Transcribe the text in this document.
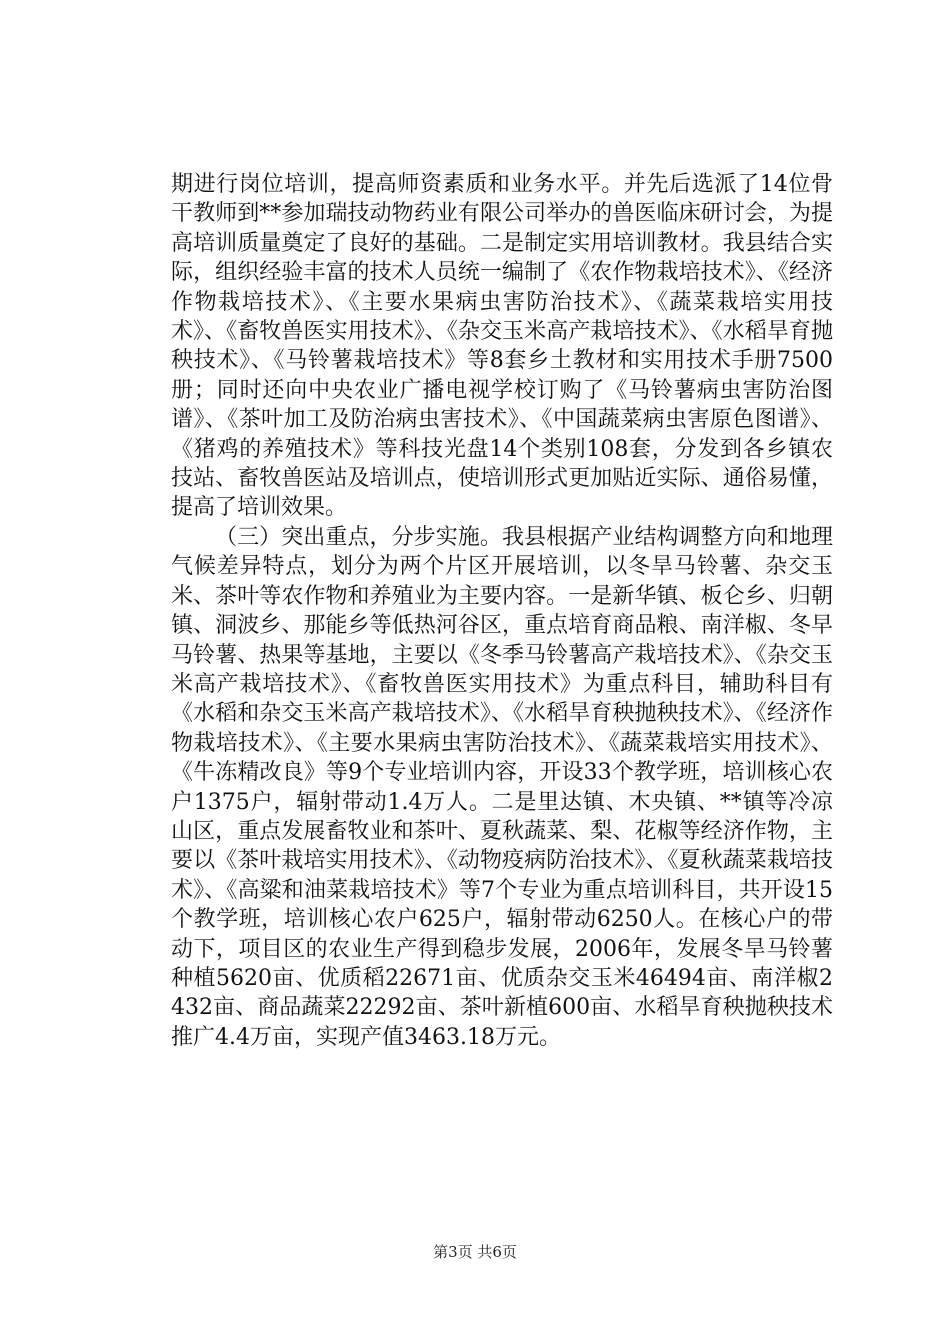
期进行岗位培训，提高师资素质和业务水平。并先后选派了14位骨干教师到**参加瑞技动物药业有限公司举办的兽医临床研讨会，为提高培训质量奠定了良好的基础。二是制定实用培训教材。我县结合实际，组织经验丰富的技术人员统一编制了《农作物栽培技术》、《经济作物栽培技术》、《主要水果病虫害防治技术》、《蔬菜栽培实用技术》、《畜牧兽医实用技术》、《杂交玉米高产栽培技术》、《水稻旱育抛秧技术》、《马铃薯栽培技术》等8套乡土教材和实用技术手册7500册；同时还向中央农业广播电视学校订购了《马铃薯病虫害防治图谱》、《茶叶加工及防治病虫害技术》、《中国蔬菜病虫害原色图谱》、《猪鸡的养殖技术》等科技光盘14个类别108套，分发到各乡镇农技站、畜牧兽医站及培训点，使培训形式更加贴近实际、通俗易懂，提高了培训效果。

（三）突出重点，分步实施。我县根据产业结构调整方向和地理气候差异特点，划分为两个片区开展培训，以冬旱马铃薯、杂交玉米、茶叶等农作物和养殖业为主要内容。一是新华镇、板仑乡、归朝镇、洞波乡、那能乡等低热河谷区，重点培育商品粮、南洋椒、冬早马铃薯、热果等基地，主要以《冬季马铃薯高产栽培技术》、《杂交玉米高产栽培技术》、《畜牧兽医实用技术》为重点科目，辅助科目有《水稻和杂交玉米高产栽培技术》、《水稻旱育秧抛秧技术》、《经济作物栽培技术》、《主要水果病虫害防治技术》、《蔬菜栽培实用技术》、《牛冻精改良》等9个专业培训内容，开设33个教学班，培训核心农户1375户，辐射带动1.4万人。二是里达镇、木央镇、**镇等冷凉山区，重点发展畜牧业和茶叶、夏秋蔬菜、梨、花椒等经济作物，主要以《茶叶栽培实用技术》、《动物疫病防治技术》、《夏秋蔬菜栽培技术》、《高粱和油菜栽培技术》等7个专业为重点培训科目，共开设15个教学班，培训核心农户625户，辐射带动6250人。在核心户的带动下，项目区的农业生产得到稳步发展，2006年，发展冬旱马铃薯种植5620亩、优质稻22671亩、优质杂交玉米46494亩、南洋椒2432亩、商品蔬菜22292亩、茶叶新植600亩、水稻旱育秧抛秧技术推广4.4万亩，实现产值3463.18万元。

第3页 共6页
